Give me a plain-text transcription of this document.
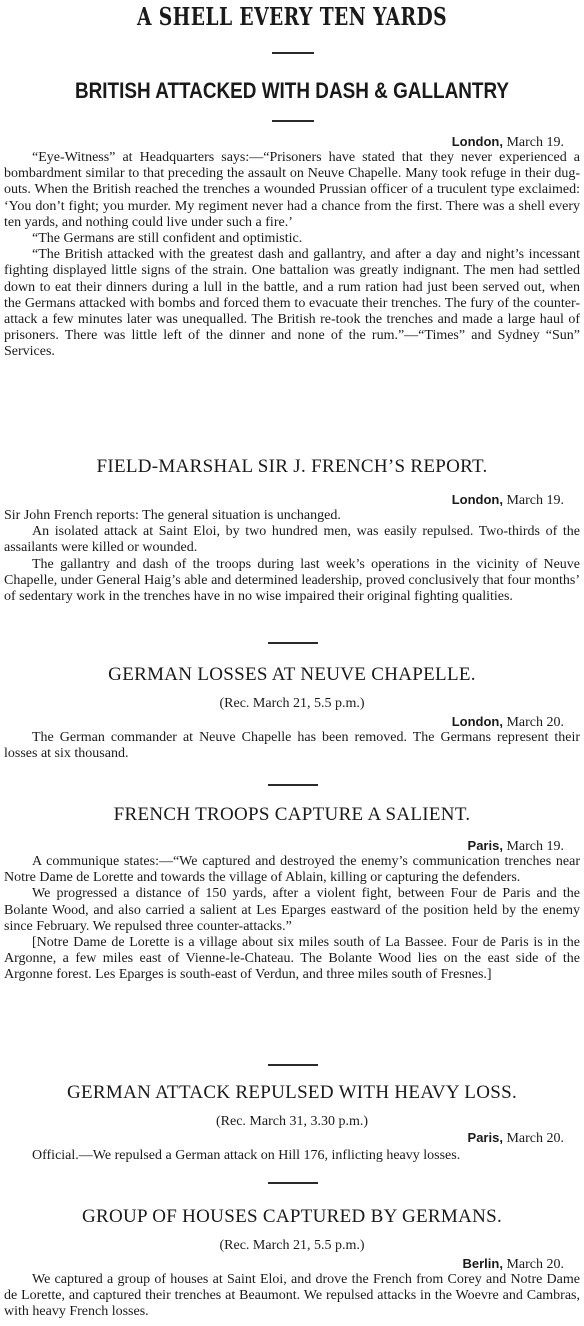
A SHELL EVERY TEN YARDS
BRITISH ATTACKED WITH DASH & GALLANTRY
London, March 19.

“Eye-Witness” at Headquarters says:—“Prisoners have stated that they never experienced a bombardment similar to that preceding the assault on Neuve Chapelle. Many took refuge in their dug-outs. When the British reached the trenches a wounded Prussian officer of a truculent type exclaimed: ‘You don’t fight; you murder. My regiment never had a chance from the first. There was a shell every ten yards, and nothing could live under such a fire.’

“The Germans are still confident and optimistic.

“The British attacked with the greatest dash and gallantry, and after a day and night’s incessant fighting displayed little signs of the strain. One battalion was greatly indignant. The men had settled down to eat their dinners during a lull in the battle, and a rum ration had just been served out, when the Germans attacked with bombs and forced them to evacuate their trenches. The fury of the counter-attack a few minutes later was unequalled. The British re-took the trenches and made a large haul of prisoners. There was little left of the dinner and none of the rum.”—“Times” and Sydney “Sun” Services.

FIELD-MARSHAL SIR J. FRENCH’S REPORT.
London, March 19.

Sir John French reports: The general situation is unchanged.

An isolated attack at Saint Eloi, by two hundred men, was easily repulsed. Two-thirds of the assailants were killed or wounded.

The gallantry and dash of the troops during last week’s operations in the vicinity of Neuve Chapelle, under General Haig’s able and determined leadership, proved conclusively that four months’ of sedentary work in the trenches have in no wise impaired their original fighting qualities.

GERMAN LOSSES AT NEUVE CHAPELLE.
(Rec. March 21, 5.5 p.m.)
London, March 20.

The German commander at Neuve Chapelle has been removed. The Germans represent their losses at six thousand.

FRENCH TROOPS CAPTURE A SALIENT.
Paris, March 19.

A communique states:—“We captured and destroyed the enemy’s communication trenches near Notre Dame de Lorette and towards the village of Ablain, killing or capturing the defenders.

We progressed a distance of 150 yards, after a violent fight, between Four de Paris and the Bolante Wood, and also carried a salient at Les Eparges eastward of the position held by the enemy since February. We repulsed three counter-attacks.”

[Notre Dame de Lorette is a village about six miles south of La Bassee. Four de Paris is in the Argonne, a few miles east of Vienne-le-Chateau. The Bolante Wood lies on the east side of the Argonne forest. Les Eparges is south-east of Verdun, and three miles south of Fresnes.]

GERMAN ATTACK REPULSED WITH HEAVY LOSS.
(Rec. March 31, 3.30 p.m.)
Paris, March 20.

Official.—We repulsed a German attack on Hill 176, inflicting heavy losses.

GROUP OF HOUSES CAPTURED BY GERMANS.
(Rec. March 21, 5.5 p.m.)
Berlin, March 20.

We captured a group of houses at Saint Eloi, and drove the French from Corey and Notre Dame de Lorette, and captured their trenches at Beaumont. We repulsed attacks in the Woevre and Cambras, with heavy French losses.
